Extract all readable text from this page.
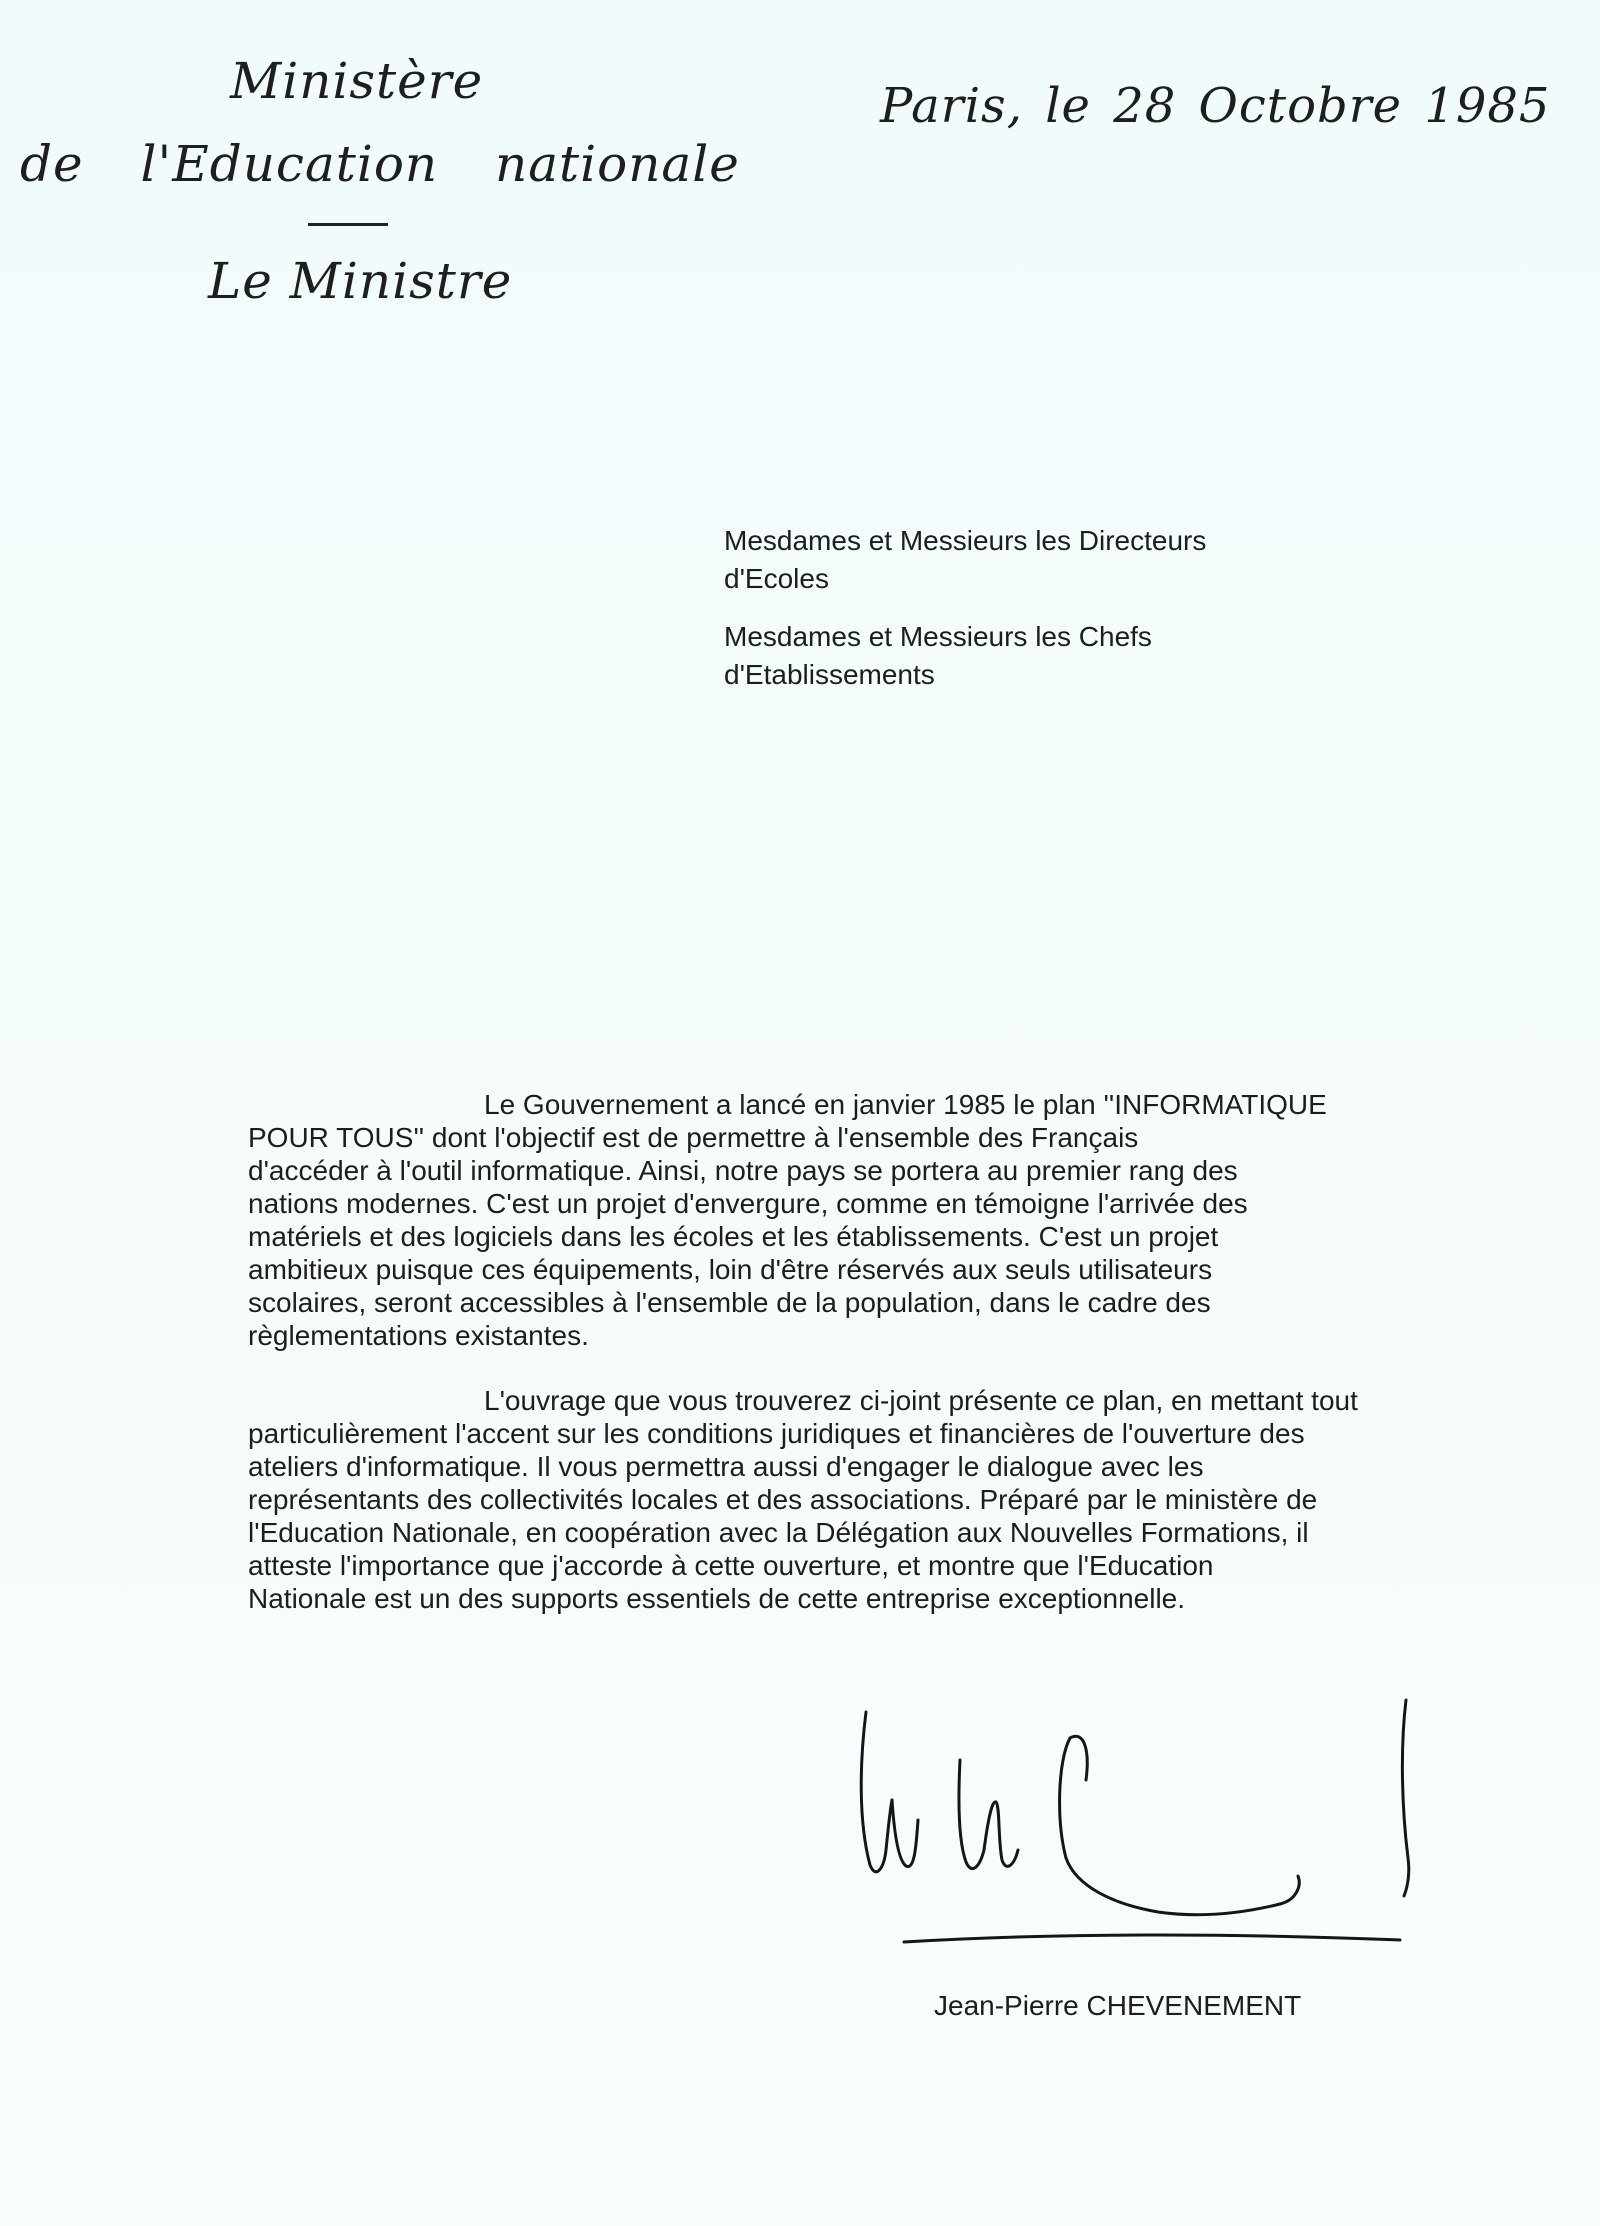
Ministère
de l'Education nationale
Le Ministre
Paris, le 28 Octobre 1985
Mesdames et Messieurs les Directeurs
d'Ecoles
Mesdames et Messieurs les Chefs
d'Etablissements
Le Gouvernement a lancé en janvier 1985 le plan ''INFORMATIQUE
POUR TOUS'' dont l'objectif est de permettre à l'ensemble des Français
d'accéder à l'outil informatique. Ainsi, notre pays se portera au premier rang des
nations modernes. C'est un projet d'envergure, comme en témoigne l'arrivée des
matériels et des logiciels dans les écoles et les établissements. C'est un projet
ambitieux puisque ces équipements, loin d'être réservés aux seuls utilisateurs
scolaires, seront accessibles à l'ensemble de la population, dans le cadre des
règlementations existantes.
L'ouvrage que vous trouverez ci-joint présente ce plan, en mettant tout
particulièrement l'accent sur les conditions juridiques et financières de l'ouverture des
ateliers d'informatique. Il vous permettra aussi d'engager le dialogue avec les
représentants des collectivités locales et des associations. Préparé par le ministère de
l'Education Nationale, en coopération avec la Délégation aux Nouvelles Formations, il
atteste l'importance que j'accorde à cette ouverture, et montre que l'Education
Nationale est un des supports essentiels de cette entreprise exceptionnelle.
Jean-Pierre CHEVENEMENT
